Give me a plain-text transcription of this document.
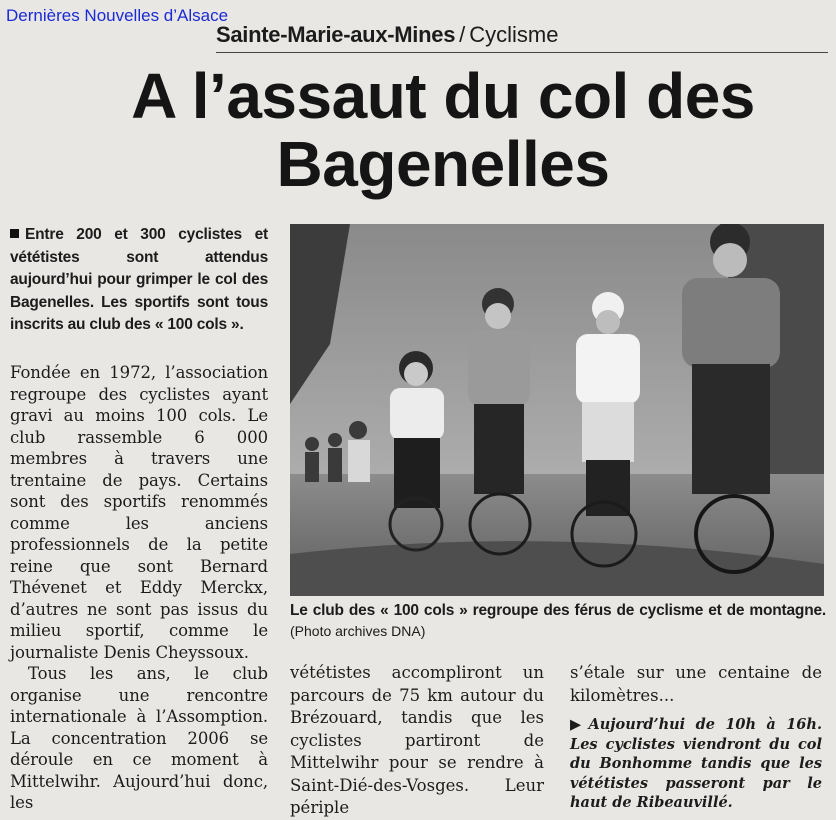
Dernières Nouvelles d’Alsace
Sainte-Marie-aux-Mines / Cyclisme
A l’assaut du col des Bagenelles
Entre 200 et 300 cyclistes et vététistes sont attendus aujourd’hui pour grimper le col des Bagenelles. Les sportifs sont tous inscrits au club des « 100 cols ».

Fondée en 1972, l’association regroupe des cyclistes ayant gravi au moins 100 cols. Le club rassemble 6 000 membres à travers une trentaine de pays. Certains sont des sportifs renommés comme les anciens professionnels de la petite reine que sont Bernard Thévenet et Eddy Merckx, d’autres ne sont pas issus du milieu sportif, comme le journaliste Denis Cheyssoux.

Tous les ans, le club organise une rencontre internationale à l’Assomption. La concentration 2006 se déroule en ce moment à Mittelwihr. Aujourd’hui donc, les

Le club des « 100 cols » regroupe des férus de cyclisme et de montagne. (Photo archives DNA)

vététistes accompliront un parcours de 75 km autour du Brézouard, tandis que les cyclistes partiront de Mittelwihr pour se rendre à Saint-Dié-des-Vosges. Leur périple

s’étale sur une centaine de kilomètres...

▶ Aujourd’hui de 10h à 16h. Les cyclistes viendront du col du Bonhomme tandis que les vététistes passeront par le haut de Ribeauvillé.
